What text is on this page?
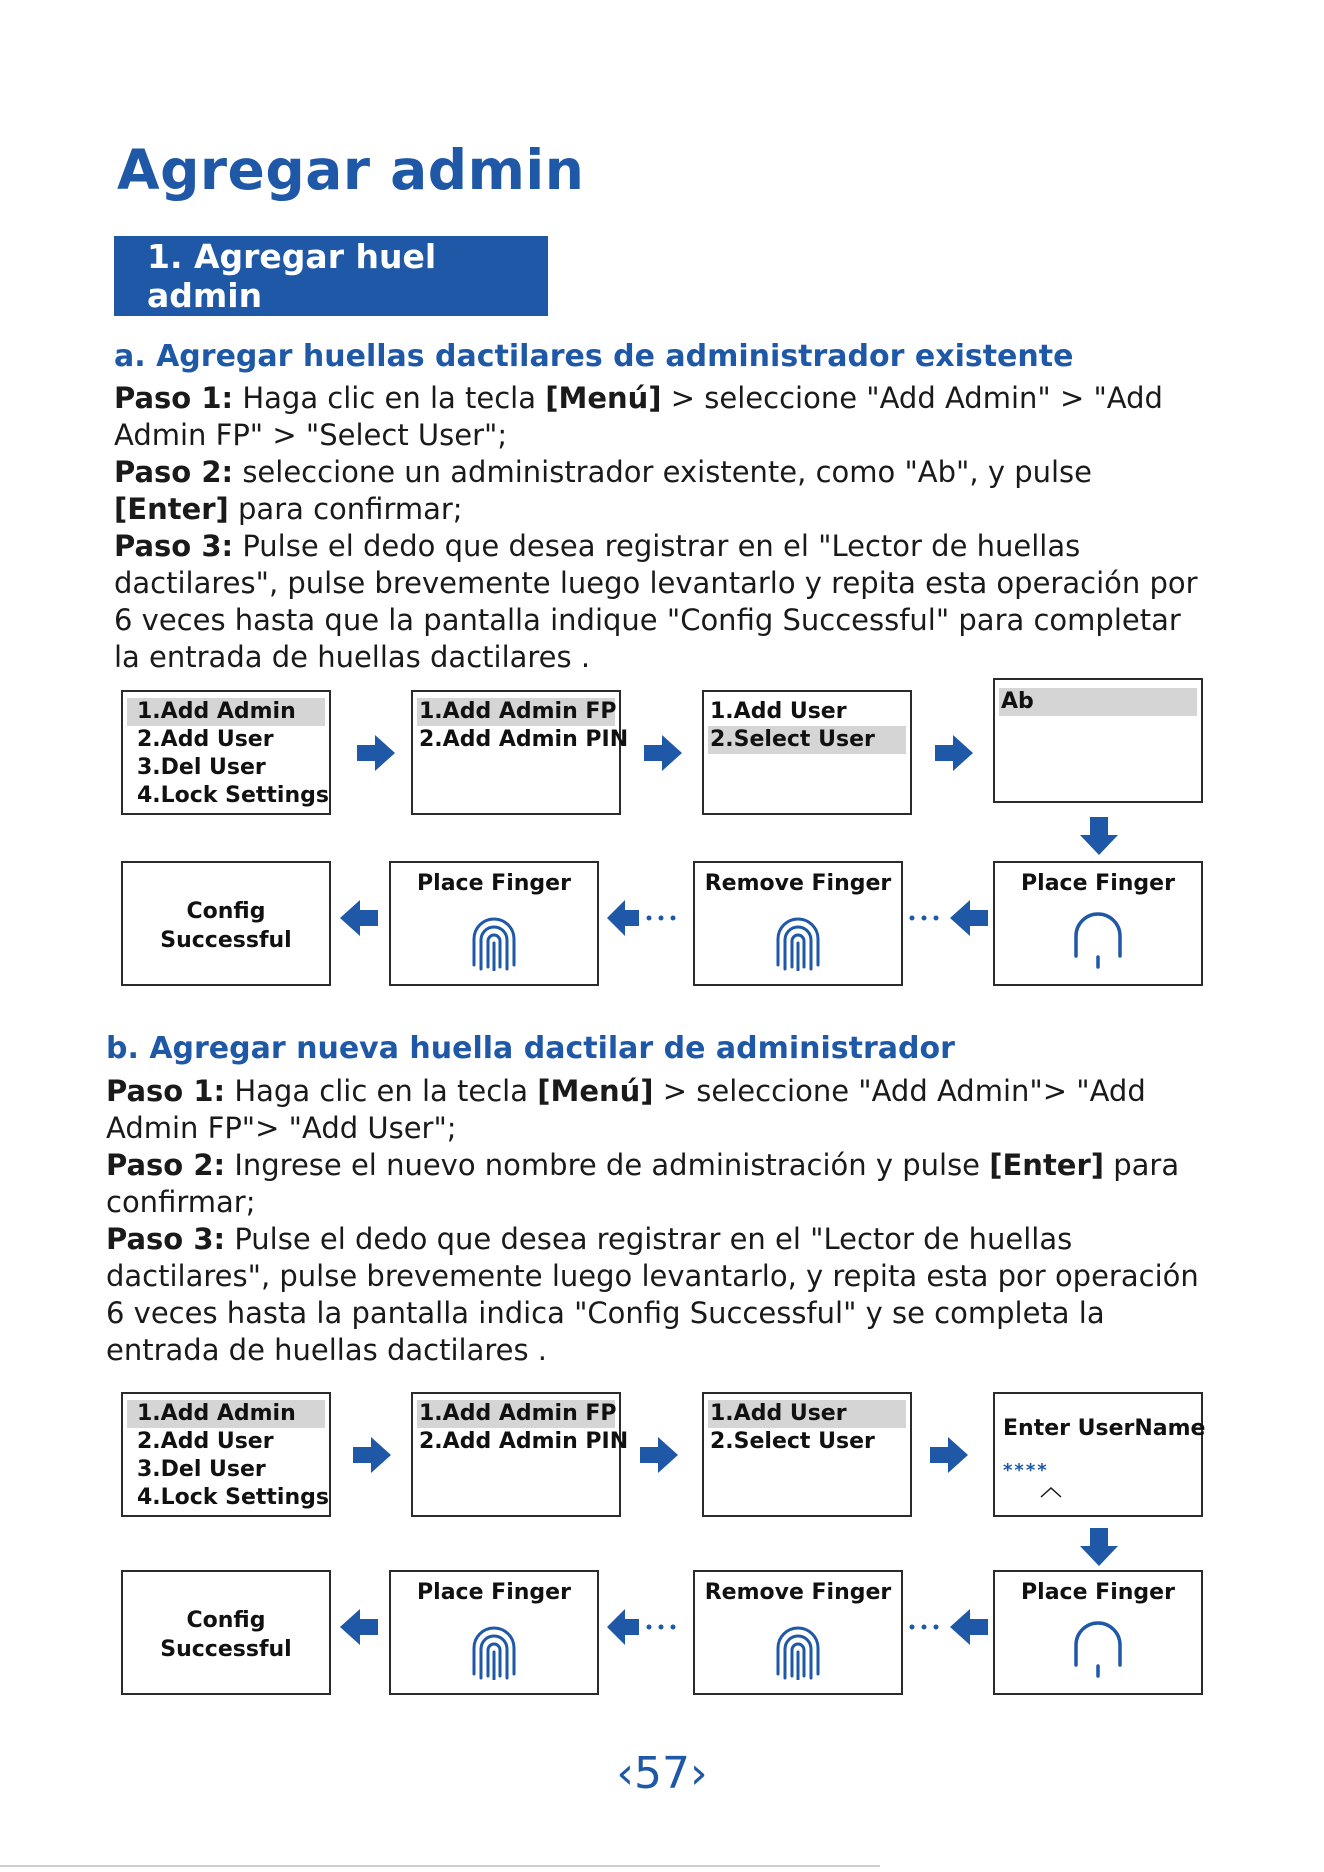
Agregar admin
1. Agregar huel admin
a. Agregar huellas dactilares de administrador existente

Paso 1: Haga clic en la tecla [Menú] > seleccione "Add Admin" > "Add Admin FP" > "Select User";

Paso 2: seleccione un administrador existente, como "Ab", y pulse [Enter] para confirmar;

Paso 3: Pulse el dedo que desea registrar en el "Lector de huellas dactilares", pulse brevemente luego levantarlo y repita esta operación por 6 veces hasta que la pantalla indique "Config Successful" para completar la entrada de huellas dactilares .

1.Add Admin
2.Add User
3.Del User
4.Lock Settings
1.Add Admin FP
2.Add Admin PIN
1.Add User
2.Select User
Ab
Config
Successful
Place Finger	Remove Finger	Place Finger
b. Agregar nueva huella dactilar de administrador

Paso 1: Haga clic en la tecla [Menú] > seleccione "Add Admin"> "Add Admin FP"> "Add User";

Paso 2: Ingrese el nuevo nombre de administración y pulse [Enter] para confirmar;

Paso 3: Pulse el dedo que desea registrar en el "Lector de huellas dactilares", pulse brevemente luego levantarlo, y repita esta por operación 6 veces hasta la pantalla indica "Config Successful" y se completa la entrada de huellas dactilares .

1.Add Admin
2.Add User
3.Del User
4.Lock Settings
1.Add Admin FP
2.Add Admin PIN
1.Add User
2.Select User
Enter UserName
****
Config
Successful
Place Finger	Remove Finger	Place Finger
‹57›
